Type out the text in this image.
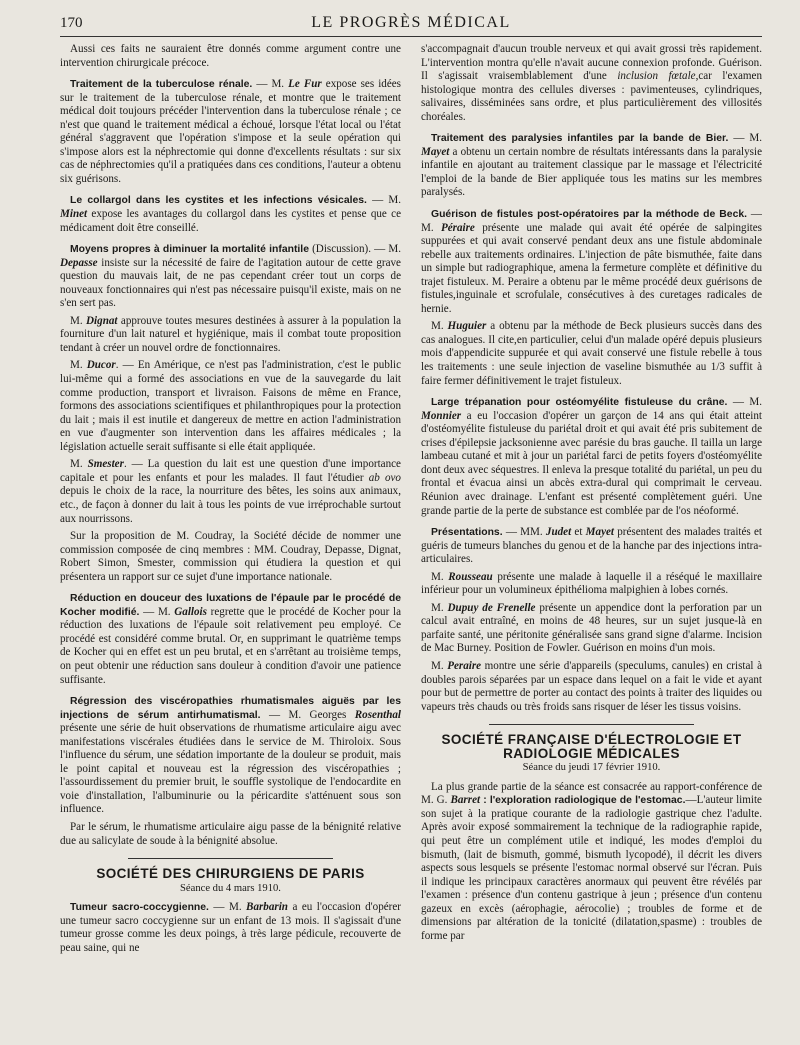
170	LE PROGRÈS MÉDICAL

Aussi ces faits ne sauraient être donnés comme argument contre une intervention chirurgicale précoce.

Traitement de la tuberculose rénale. — M. Le Fur expose ses idées sur le traitement de la tuberculose rénale, et montre que le traitement médical doit toujours précéder l'intervention dans la tuberculose rénale ; ce n'est que quand le traitement médical a échoué, lorsque l'état local ou l'état général s'aggravent que l'opération s'impose et la seule opération qui s'impose alors est la néphrectomie qui donne d'excellents résultats : sur six cas de néphrectomies qu'il a pratiquées dans ces conditions, l'auteur a obtenu six guérisons.

Le collargol dans les cystites et les infections vésicales. — M. Minet expose les avantages du collargol dans les cystites et pense que ce médicament doit être conseillé.

Moyens propres à diminuer la mortalité infantile (Discussion). — M. Depasse insiste sur la nécessité de faire de l'agitation autour de cette grave question du mauvais lait, de ne pas cependant créer tout un corps de nouveaux fonctionnaires qui n'est pas nécessaire puisqu'il existe, mais on ne s'en sert pas.

M. Dignat approuve toutes mesures destinées à assurer à la population la fourniture d'un lait naturel et hygiénique, mais il combat toute proposition tendant à créer un nouvel ordre de fonctionnaires.

M. Ducor. — En Amérique, ce n'est pas l'administration, c'est le public lui-même qui a formé des associations en vue de la sauvegarde du lait comme production, transport et livraison. Faisons de même en France, formons des associations scientifiques et philanthropiques pour la protection du lait ; mais il est inutile et dangereux de mettre en action l'administration en vue d'augmenter son intervention dans les affaires médicales ; la législation actuelle serait suffisante si elle était appliquée.

M. Smester. — La question du lait est une question d'une importance capitale et pour les enfants et pour les malades. Il faut l'étudier ab ovo depuis le choix de la race, la nourriture des bêtes, les soins aux animaux, etc., de façon à donner du lait à tous les points de vue irréprochable surtout aux nourrissons.

Sur la proposition de M. Coudray, la Société décide de nommer une commission composée de cinq membres : MM. Coudray, Depasse, Dignat, Robert Simon, Smester, commission qui étudiera la question et qui présentera un rapport sur ce sujet d'une importance nationale.

Réduction en douceur des luxations de l'épaule par le procédé de Kocher modifié. — M. Gallois regrette que le procédé de Kocher pour la réduction des luxations de l'épaule soit relativement peu employé. Ce procédé est considéré comme brutal. Or, en supprimant le quatrième temps de Kocher qui en effet est un peu brutal, et en s'arrêtant au troisième temps, on peut obtenir une réduction sans douleur à condition d'avoir une patience suffisante.

Régression des viscéropathies rhumatismales aiguës par les injections de sérum antirhumatismal. — M. Georges Rosenthal présente une série de huit observations de rhumatisme articulaire aigu avec manifestations viscérales étudiées dans le service de M. Thiroloix. Sous l'influence du sérum, une sédation importante de la douleur se produit, mais le point capital et nouveau est la régression des viscéropathies ; l'assourdissement du premier bruit, le souffle systolique de l'endocardite en voie d'installation, l'albuminurie ou la péricardite s'atténuent sous son influence.

Par le sérum, le rhumatisme articulaire aigu passe de la bénignité relative due au salicylate de soude à la bénignité absolue.

SOCIÉTÉ DES CHIRURGIENS DE PARIS
Séance du 4 mars 1910.

Tumeur sacro-coccygienne. — M. Barbarin a eu l'occasion d'opérer une tumeur sacro coccygienne sur un enfant de 13 mois. Il s'agissait d'une tumeur grosse comme les deux poings, à très large pédicule, recouverte de peau saine, qui ne

s'accompagnait d'aucun trouble nerveux et qui avait grossi très rapidement. L'intervention montra qu'elle n'avait aucune connexion profonde. Guérison. Il s'agissait vraisemblablement d'une inclusion fœtale,car l'examen histologique montra des cellules diverses : pavimenteuses, cylindriques, salivaires, disséminées sans ordre, et plus particulièrement des villosités choréales.

Traitement des paralysies infantiles par la bande de Bier. — M. Mayet a obtenu un certain nombre de résultats intéressants dans la paralysie infantile en ajoutant au traitement classique par le massage et l'électricité l'emploi de la bande de Bier appliquée tous les matins sur les membres paralysés.

Guérison de fistules post-opératoires par la méthode de Beck. — M. Péraire présente une malade qui avait été opérée de salpingites suppurées et qui avait conservé pendant deux ans une fistule abdominale rebelle aux traitements ordinaires. L'injection de pâte bismuthée, faite dans un simple but radiographique, amena la fermeture complète et définitive du trajet fistuleux. M. Peraire a obtenu par le même procédé deux guérisons de fistules,inguinale et scrofulale, consécutives à des curetages radicales de hernie.

M. Huguier a obtenu par la méthode de Beck plusieurs succès dans des cas analogues. Il cite,en particulier, celui d'un malade opéré depuis plusieurs mois d'appendicite suppurée et qui avait conservé une fistule rebelle à tous les traitements : une seule injection de vaseline bismuthée au 1/3 suffit à faire fermer définitivement le trajet fistuleux.

Large trépanation pour ostéomyélite fistuleuse du crâne. — M. Monnier a eu l'occasion d'opérer un garçon de 14 ans qui était atteint d'ostéomyélite fistuleuse du pariétal droit et qui avait été pris subitement de crises d'épilepsie jacksonienne avec parésie du bras gauche. Il tailla un large lambeau cutané et mit à jour un pariétal farci de petits foyers d'ostéomyélite dont deux avec séquestres. Il enleva la presque totalité du pariétal, un peu du frontal et évacua ainsi un abcès extra-dural qui comprimait le cerveau. Réunion avec drainage. L'enfant est présenté complètement guéri. Une grande partie de la perte de substance est comblée par de l'os néoformé.

Présentations. — MM. Judet et Mayet présentent des malades traités et guéris de tumeurs blanches du genou et de la hanche par des injections intra-articulaires.

M. Rousseau présente une malade à laquelle il a réséqué le maxillaire inférieur pour un volumineux épithélioma malpighien à lobes cornés.

M. Dupuy de Frenelle présente un appendice dont la perforation par un calcul avait entraîné, en moins de 48 heures, sur un sujet jusque-là en parfaite santé, une péritonite généralisée sans grand signe d'alarme. Incision de Mac Burney. Position de Fowler. Guérison en moins d'un mois.

M. Peraire montre une série d'appareils (speculums, canules) en cristal à doubles parois séparées par un espace dans lequel on a fait le vide et ayant pour but de permettre de porter au contact des points à traiter des liquides ou vapeurs très chauds ou très froids sans risquer de léser les tissus voisins.

SOCIÉTÉ FRANÇAISE D'ÉLECTROLOGIE ET RADIOLOGIE MÉDICALES
Séance du jeudi 17 février 1910.

La plus grande partie de la séance est consacrée au rapport-conférence de M. G. Barret : l'exploration radiologique de l'estomac.—L'auteur limite son sujet à la pratique courante de la radiologie gastrique chez l'adulte. Après avoir exposé sommairement la technique de la radiographie rapide, qui peut être un complément utile et indiqué, les modes d'emploi du bismuth, (lait de bismuth, gommé, bismuth lycopodé), il décrit les divers aspects sous lesquels se présente l'estomac normal observé sur l'écran. Puis il indique les principaux caractères anormaux qui peuvent être révélés par l'examen : présence d'un contenu gastrique à jeun ; présence d'un contenu gazeux en excès (aérophagie, aérocolie) ; troubles de forme et de dimensions par altération de la tonicité (dilatation,spasme) : troubles de forme par
